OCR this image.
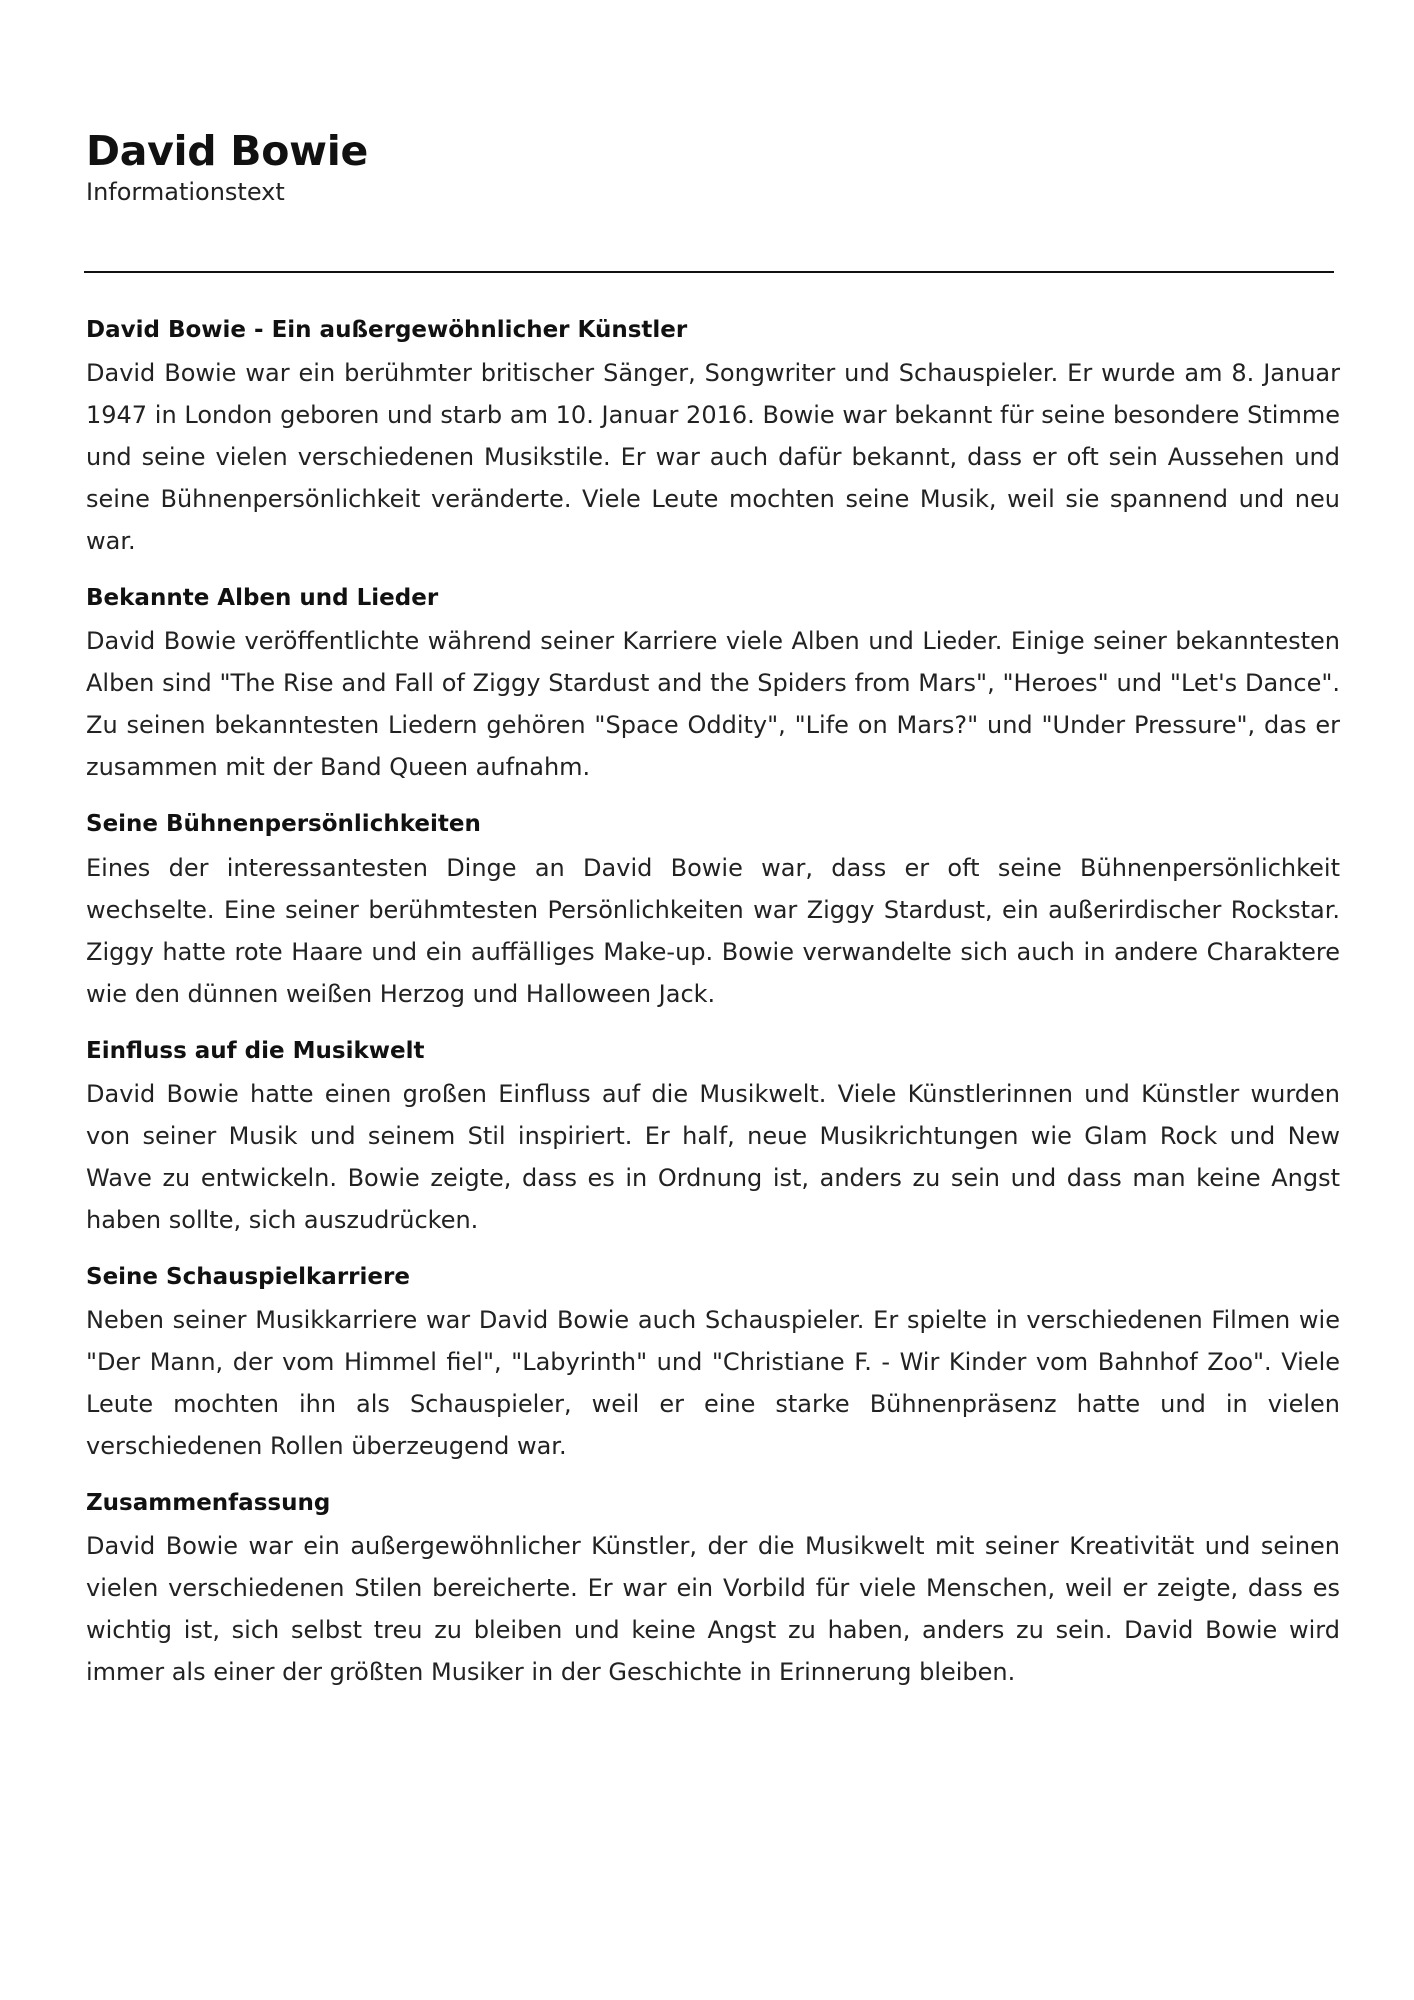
David Bowie
Informationstext
David Bowie - Ein außergewöhnlicher Künstler

David Bowie war ein berühmter britischer Sänger, Songwriter und Schauspieler. Er wurde am 8. Januar 1947 in London geboren und starb am 10. Januar 2016. Bowie war bekannt für seine besondere Stimme und seine vielen verschiedenen Musikstile. Er war auch dafür bekannt, dass er oft sein Aussehen und seine Bühnenpersönlichkeit veränderte. Viele Leute mochten seine Musik, weil sie spannend und neu war.

Bekannte Alben und Lieder

David Bowie veröffentlichte während seiner Karriere viele Alben und Lieder. Einige seiner bekanntesten Alben sind "The Rise and Fall of Ziggy Stardust and the Spiders from Mars", "Heroes" und "Let's Dance". Zu seinen bekanntesten Liedern gehören "Space Oddity", "Life on Mars?" und "Under Pressure", das er zusammen mit der Band Queen aufnahm.

Seine Bühnenpersönlichkeiten

Eines der interessantesten Dinge an David Bowie war, dass er oft seine Bühnenpersönlichkeit wechselte. Eine seiner berühmtesten Persönlichkeiten war Ziggy Stardust, ein außerirdischer Rockstar. Ziggy hatte rote Haare und ein auffälliges Make-up. Bowie verwandelte sich auch in andere Charaktere wie den dünnen weißen Herzog und Halloween Jack.

Einfluss auf die Musikwelt

David Bowie hatte einen großen Einfluss auf die Musikwelt. Viele Künstlerinnen und Künstler wurden von seiner Musik und seinem Stil inspiriert. Er half, neue Musikrichtungen wie Glam Rock und New Wave zu entwickeln. Bowie zeigte, dass es in Ordnung ist, anders zu sein und dass man keine Angst haben sollte, sich auszudrücken.

Seine Schauspielkarriere

Neben seiner Musikkarriere war David Bowie auch Schauspieler. Er spielte in verschiedenen Filmen wie "Der Mann, der vom Himmel fiel", "Labyrinth" und "Christiane F. - Wir Kinder vom Bahnhof Zoo". Viele Leute mochten ihn als Schauspieler, weil er eine starke Bühnenpräsenz hatte und in vielen verschiedenen Rollen überzeugend war.

Zusammenfassung

David Bowie war ein außergewöhnlicher Künstler, der die Musikwelt mit seiner Kreativität und seinen vielen verschiedenen Stilen bereicherte. Er war ein Vorbild für viele Menschen, weil er zeigte, dass es wichtig ist, sich selbst treu zu bleiben und keine Angst zu haben, anders zu sein. David Bowie wird immer als einer der größten Musiker in der Geschichte in Erinnerung bleiben.
